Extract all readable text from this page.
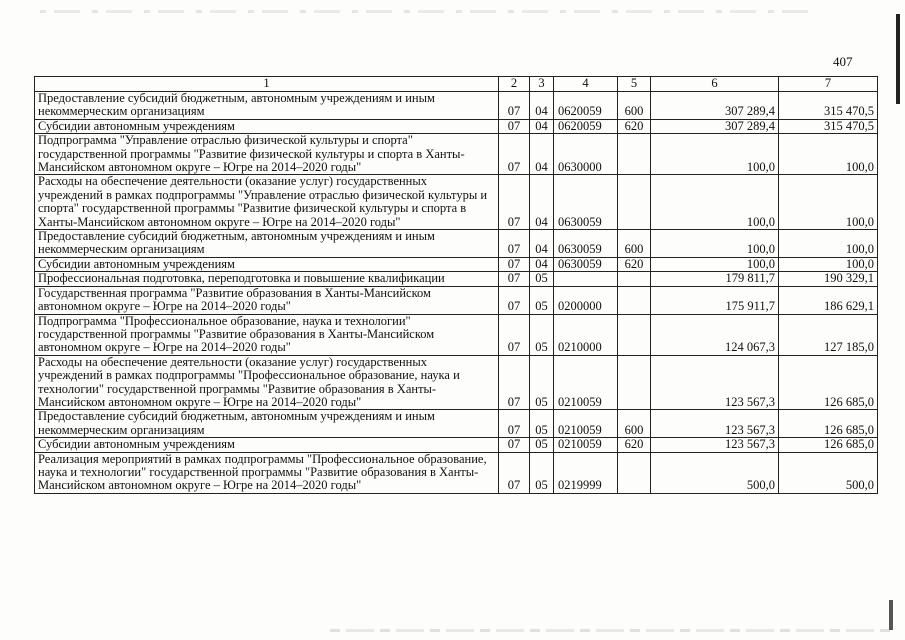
407
1	2	3	4	5	6	7
Предоставление субсидий бюджетным, автономным учреждениям и иным некоммерческим организациям	07	04	0620059	600	307 289,4	315 470,5
Субсидии автономным учреждениям	07	04	0620059	620	307 289,4	315 470,5
Подпрограмма "Управление отраслью физической культуры и спорта" государственной программы "Развитие физической культуры и спорта в Ханты-Мансийском автономном округе – Югре на 2014–2020 годы"	07	04	0630000		100,0	100,0
Расходы на обеспечение деятельности (оказание услуг) государственных учреждений в рамках подпрограммы "Управление отраслью физической культуры и спорта" государственной программы "Развитие физической культуры и спорта в Ханты-Мансийском автономном округе – Югре на 2014–2020 годы"	07	04	0630059		100,0	100,0
Предоставление субсидий бюджетным, автономным учреждениям и иным некоммерческим организациям	07	04	0630059	600	100,0	100,0
Субсидии автономным учреждениям	07	04	0630059	620	100,0	100,0
Профессиональная подготовка, переподготовка и повышение квалификации	07	05			179 811,7	190 329,1
Государственная программа "Развитие образования в Ханты-Мансийском автономном округе – Югре на 2014–2020 годы"	07	05	0200000		175 911,7	186 629,1
Подпрограмма "Профессиональное образование, наука и технологии" государственной программы "Развитие образования в Ханты-Мансийском автономном округе – Югре на 2014–2020 годы"	07	05	0210000		124 067,3	127 185,0
Расходы на обеспечение деятельности (оказание услуг) государственных учреждений в рамках подпрограммы "Профессиональное образование, наука и технологии" государственной программы "Развитие образования в Ханты-Мансийском автономном округе – Югре на 2014–2020 годы"	07	05	0210059		123 567,3	126 685,0
Предоставление субсидий бюджетным, автономным учреждениям и иным некоммерческим организациям	07	05	0210059	600	123 567,3	126 685,0
Субсидии автономным учреждениям	07	05	0210059	620	123 567,3	126 685,0
Реализация мероприятий в рамках подпрограммы "Профессиональное образование, наука и технологии" государственной программы "Развитие образования в Ханты-Мансийском автономном округе – Югре на 2014–2020 годы"	07	05	0219999		500,0	500,0
